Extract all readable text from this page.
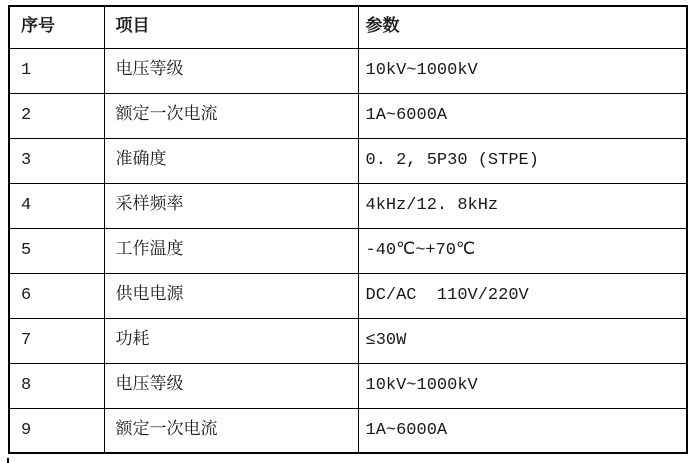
序号	项目	参数
1	电压等级	10kV~1000kV
2	额定一次电流	1A~6000A
3	准确度	0. 2, 5P30 (STPE)
4	采样频率	4kHz/12. 8kHz
5	工作温度	-40℃~+70℃
6	供电电源	DC/AC  110V/220V
7	功耗	≤30W
8	电压等级	10kV~1000kV
9	额定一次电流	1A~6000A
